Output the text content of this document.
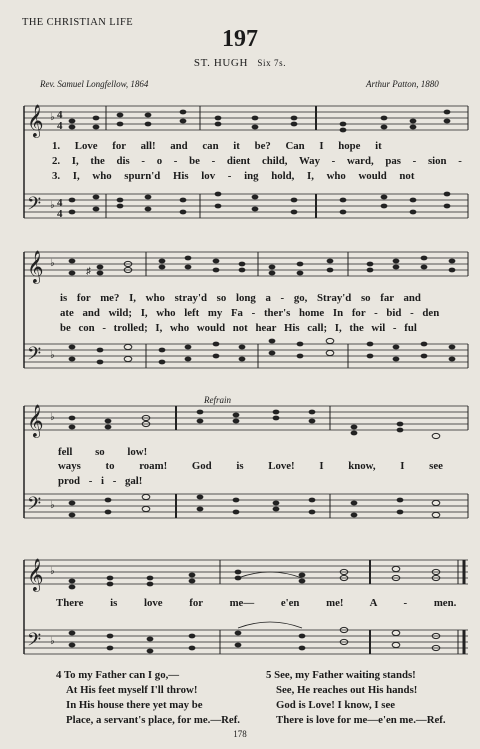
THE CHRISTIAN LIFE
197
ST. HUGH Six 7s.
Rev. Samuel Longfellow, 1864	Arthur Patton, 1880
𝄞
𝄢
♭
♭
4
4
4
4
1. Love for all! and can it be? Can I hope it
2. I, the dis - o - be - dient child, Way - ward, pas - sion -
3. I, who spurn'd His lov - ing hold, I, who would not
𝄞
𝄢
♭
♭
♯
is for me? I, who stray'd so long a - go, Stray'd so far and
ate and wild; I, who left my Fa - ther's home In for - bid - den
be con - trolled; I, who would not hear His call; I, the wil - ful
Refrain
𝄞
𝄢
♭
♭
fell so low!
ways to roam! God is Love! I know, I see
prod - i - gal!
𝄞
𝄢
♭
♭
There is love for me— e'en me! A - men.
4 To my Father can I go,—
At His feet myself I'll throw!
In His house there yet may be
Place, a servant's place, for me.—Ref.
5 See, my Father waiting stands!
See, He reaches out His hands!
God is Love! I know, I see
There is love for me—e'en me.—Ref.
178
